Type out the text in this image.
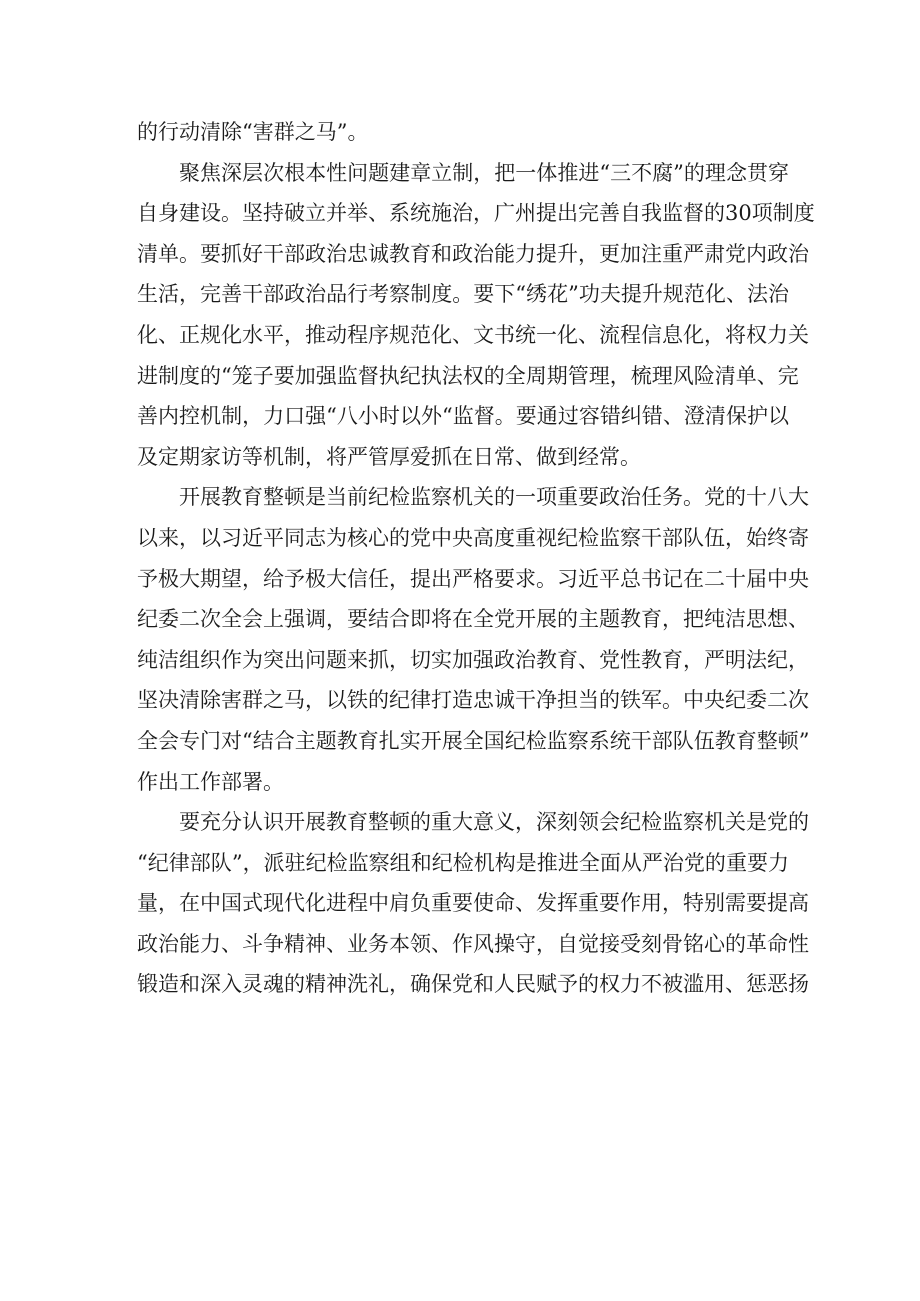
的行动清除“害群之马”。
聚焦深层次根本性问题建章立制，把一体推进“三不腐”的理念贯穿
自身建设。坚持破立并举、系统施治，广州提出完善自我监督的30项制度
清单。要抓好干部政治忠诚教育和政治能力提升，更加注重严肃党内政治
生活，完善干部政治品行考察制度。要下“绣花”功夫提升规范化、法治
化、正规化水平，推动程序规范化、文书统一化、流程信息化，将权力关
进制度的“笼子要加强监督执纪执法权的全周期管理，梳理风险清单、完
善内控机制，力口强“八小时以外“监督。要通过容错纠错、澄清保护以
及定期家访等机制，将严管厚爱抓在日常、做到经常。
开展教育整顿是当前纪检监察机关的一项重要政治任务。党的十八大
以来，以习近平同志为核心的党中央高度重视纪检监察干部队伍，始终寄
予极大期望，给予极大信任，提出严格要求。习近平总书记在二十届中央
纪委二次全会上强调，要结合即将在全党开展的主题教育，把纯洁思想、
纯洁组织作为突出问题来抓，切实加强政治教育、党性教育，严明法纪，
坚决清除害群之马，以铁的纪律打造忠诚干净担当的铁军。中央纪委二次
全会专门对“结合主题教育扎实开展全国纪检监察系统干部队伍教育整顿”
作出工作部署。
要充分认识开展教育整顿的重大意义，深刻领会纪检监察机关是党的
“纪律部队”，派驻纪检监察组和纪检机构是推进全面从严治党的重要力
量，在中国式现代化进程中肩负重要使命、发挥重要作用，特别需要提高
政治能力、斗争精神、业务本领、作风操守，自觉接受刻骨铭心的革命性
锻造和深入灵魂的精神洗礼，确保党和人民赋予的权力不被滥用、惩恶扬
